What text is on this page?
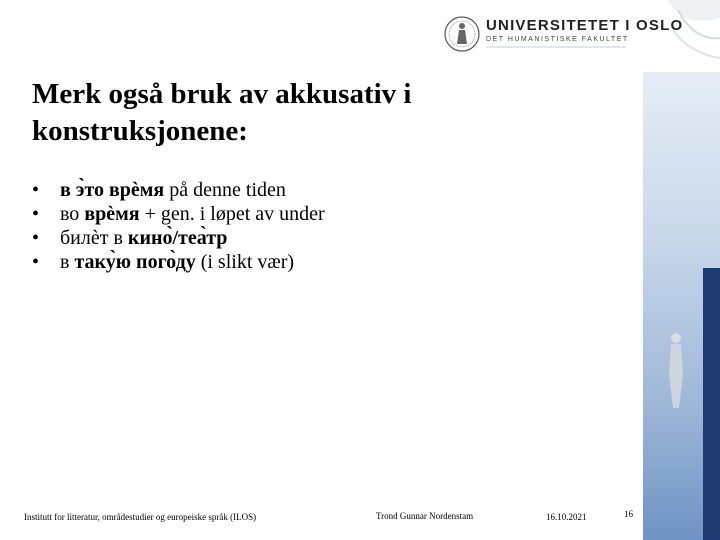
UNIVERSITETET I OSLO
DET HUMANISTISKE FAKULTET
Merk også bruk av akkusativ i konstruksjonene:
•	в э̀то врѐмя på denne tiden
•	во врѐмя + gen. i løpet av under
•	билѐт в кино̀/теа̀тр
•	в таку̀ю пого̀ду (i slikt vær)
Institutt for litteratur, områdestudier og europeiske språk (ILOS)	Trond Gunnar Nordenstam	16.10.2021	16
